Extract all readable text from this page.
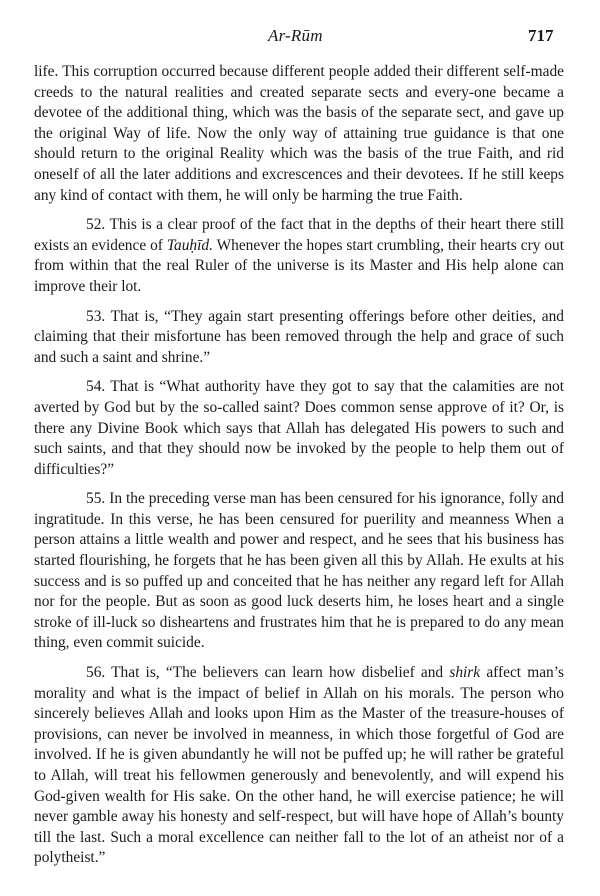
Ar-Rūm	717

life. This corruption occurred because different people added their different self-made creeds to the natural realities and created separate sects and every-one became a devotee of the additional thing, which was the basis of the separate sect, and gave up the original Way of life. Now the only way of attaining true guidance is that one should return to the original Reality which was the basis of the true Faith, and rid oneself of all the later additions and excrescences and their devotees. If he still keeps any kind of contact with them, he will only be harming the true Faith.

52. This is a clear proof of the fact that in the depths of their heart there still exists an evidence of Tauḥīd. Whenever the hopes start crumbling, their hearts cry out from within that the real Ruler of the universe is its Master and His help alone can improve their lot.

53. That is, “They again start presenting offerings before other deities, and claiming that their misfortune has been removed through the help and grace of such and such a saint and shrine.”

54. That is “What authority have they got to say that the calamities are not averted by God but by the so-called saint? Does common sense approve of it? Or, is there any Divine Book which says that Allah has delegated His powers to such and such saints, and that they should now be invoked by the people to help them out of difficulties?”

55. In the preceding verse man has been censured for his ignorance, folly and ingratitude. In this verse, he has been censured for puerility and meanness When a person attains a little wealth and power and respect, and he sees that his business has started flourishing, he forgets that he has been given all this by Allah. He exults at his success and is so puffed up and conceited that he has neither any regard left for Allah nor for the people. But as soon as good luck deserts him, he loses heart and a single stroke of ill-luck so disheartens and frustrates him that he is prepared to do any mean thing, even commit suicide.

56. That is, “The believers can learn how disbelief and shirk affect man’s morality and what is the impact of belief in Allah on his morals. The person who sincerely believes Allah and looks upon Him as the Master of the treasure-houses of provisions, can never be involved in meanness, in which those forgetful of God are involved. If he is given abundantly he will not be puffed up; he will rather be grateful to Allah, will treat his fellowmen generously and benevolently, and will expend his God-given wealth for His sake. On the other hand, he will exercise patience; he will never gamble away his honesty and self-respect, but will have hope of Allah’s bounty till the last. Such a moral excellence can neither fall to the lot of an atheist nor of a polytheist.”
